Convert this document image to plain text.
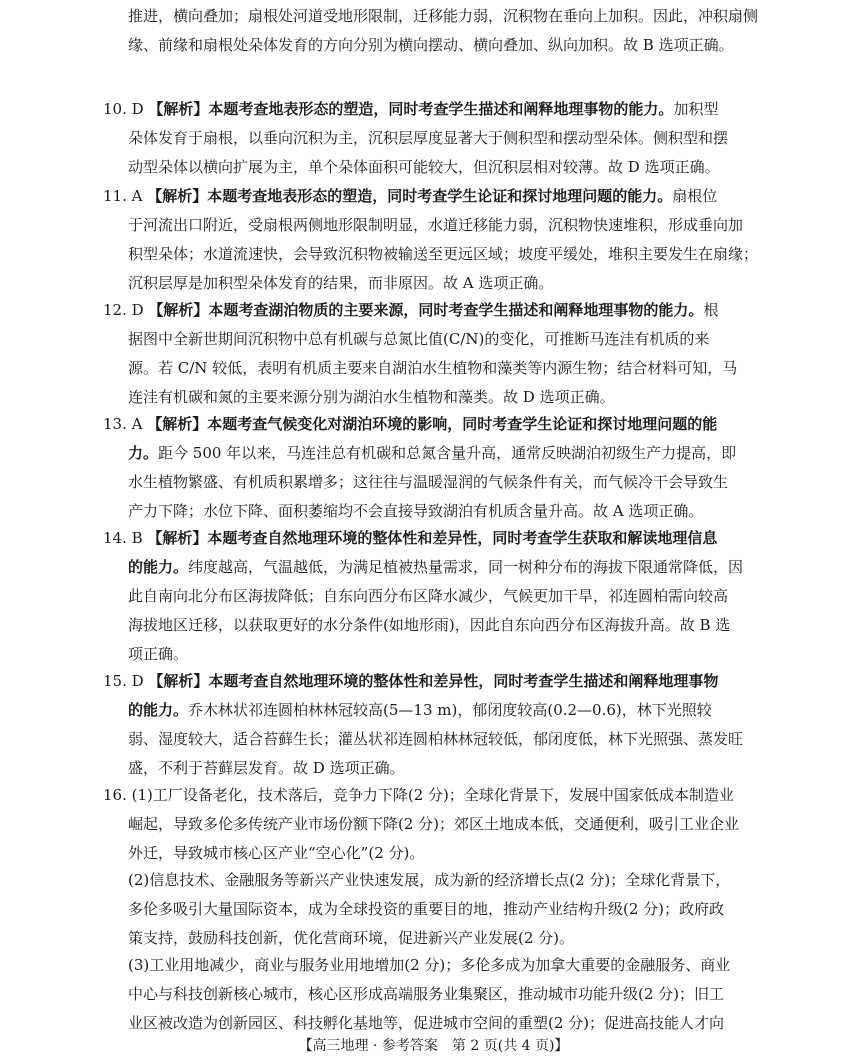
推进，横向叠加；扇根处河道受地形限制，迁移能力弱，沉积物在垂向上加积。因此，冲积扇侧
缘、前缘和扇根处朵体发育的方向分别为横向摆动、横向叠加、纵向加积。故 B 选项正确。
10. D 【解析】本题考查地表形态的塑造，同时考查学生描述和阐释地理事物的能力。加积型
朵体发育于扇根，以垂向沉积为主，沉积层厚度显著大于侧积型和摆动型朵体。侧积型和摆
动型朵体以横向扩展为主，单个朵体面积可能较大，但沉积层相对较薄。故 D 选项正确。
11. A 【解析】本题考查地表形态的塑造，同时考查学生论证和探讨地理问题的能力。扇根位
于河流出口附近，受扇根两侧地形限制明显，水道迁移能力弱，沉积物快速堆积，形成垂向加
积型朵体；水道流速快，会导致沉积物被输送至更远区域；坡度平缓处，堆积主要发生在扇缘；
沉积层厚是加积型朵体发育的结果，而非原因。故 A 选项正确。
12. D 【解析】本题考查湖泊物质的主要来源，同时考查学生描述和阐释地理事物的能力。根
据图中全新世期间沉积物中总有机碳与总氮比值(C/N)的变化，可推断马连洼有机质的来
源。若 C/N 较低，表明有机质主要来自湖泊水生植物和藻类等内源生物；结合材料可知，马
连洼有机碳和氮的主要来源分别为湖泊水生植物和藻类。故 D 选项正确。
13. A 【解析】本题考查气候变化对湖泊环境的影响，同时考查学生论证和探讨地理问题的能
力。距今 500 年以来，马连洼总有机碳和总氮含量升高，通常反映湖泊初级生产力提高，即
水生植物繁盛、有机质积累增多；这往往与温暖湿润的气候条件有关，而气候冷干会导致生
产力下降；水位下降、面积萎缩均不会直接导致湖泊有机质含量升高。故 A 选项正确。
14. B 【解析】本题考查自然地理环境的整体性和差异性，同时考查学生获取和解读地理信息
的能力。纬度越高，气温越低，为满足植被热量需求，同一树种分布的海拔下限通常降低，因
此自南向北分布区海拔降低；自东向西分布区降水减少，气候更加干旱，祁连圆柏需向较高
海拔地区迁移，以获取更好的水分条件(如地形雨)，因此自东向西分布区海拔升高。故 B 选
项正确。
15. D 【解析】本题考查自然地理环境的整体性和差异性，同时考查学生描述和阐释地理事物
的能力。乔木林状祁连圆柏林林冠较高(5—13 m)，郁闭度较高(0.2—0.6)，林下光照较
弱、湿度较大，适合苔藓生长；灌丛状祁连圆柏林林冠较低，郁闭度低，林下光照强、蒸发旺
盛，不利于苔藓层发育。故 D 选项正确。
16. (1)工厂设备老化，技术落后，竞争力下降(2 分)；全球化背景下，发展中国家低成本制造业
崛起，导致多伦多传统产业市场份额下降(2 分)；郊区土地成本低，交通便利，吸引工业企业
外迁，导致城市核心区产业“空心化”(2 分)。
(2)信息技术、金融服务等新兴产业快速发展，成为新的经济增长点(2 分)；全球化背景下，
多伦多吸引大量国际资本，成为全球投资的重要目的地，推动产业结构升级(2 分)；政府政
策支持，鼓励科技创新，优化营商环境，促进新兴产业发展(2 分)。
(3)工业用地减少，商业与服务业用地增加(2 分)；多伦多成为加拿大重要的金融服务、商业
中心与科技创新核心城市，核心区形成高端服务业集聚区，推动城市功能升级(2 分)；旧工
业区被改造为创新园区、科技孵化基地等，促进城市空间的重塑(2 分)；促进高技能人才向
【高三地理 · 参考答案　第 2 页(共 4 页)】
